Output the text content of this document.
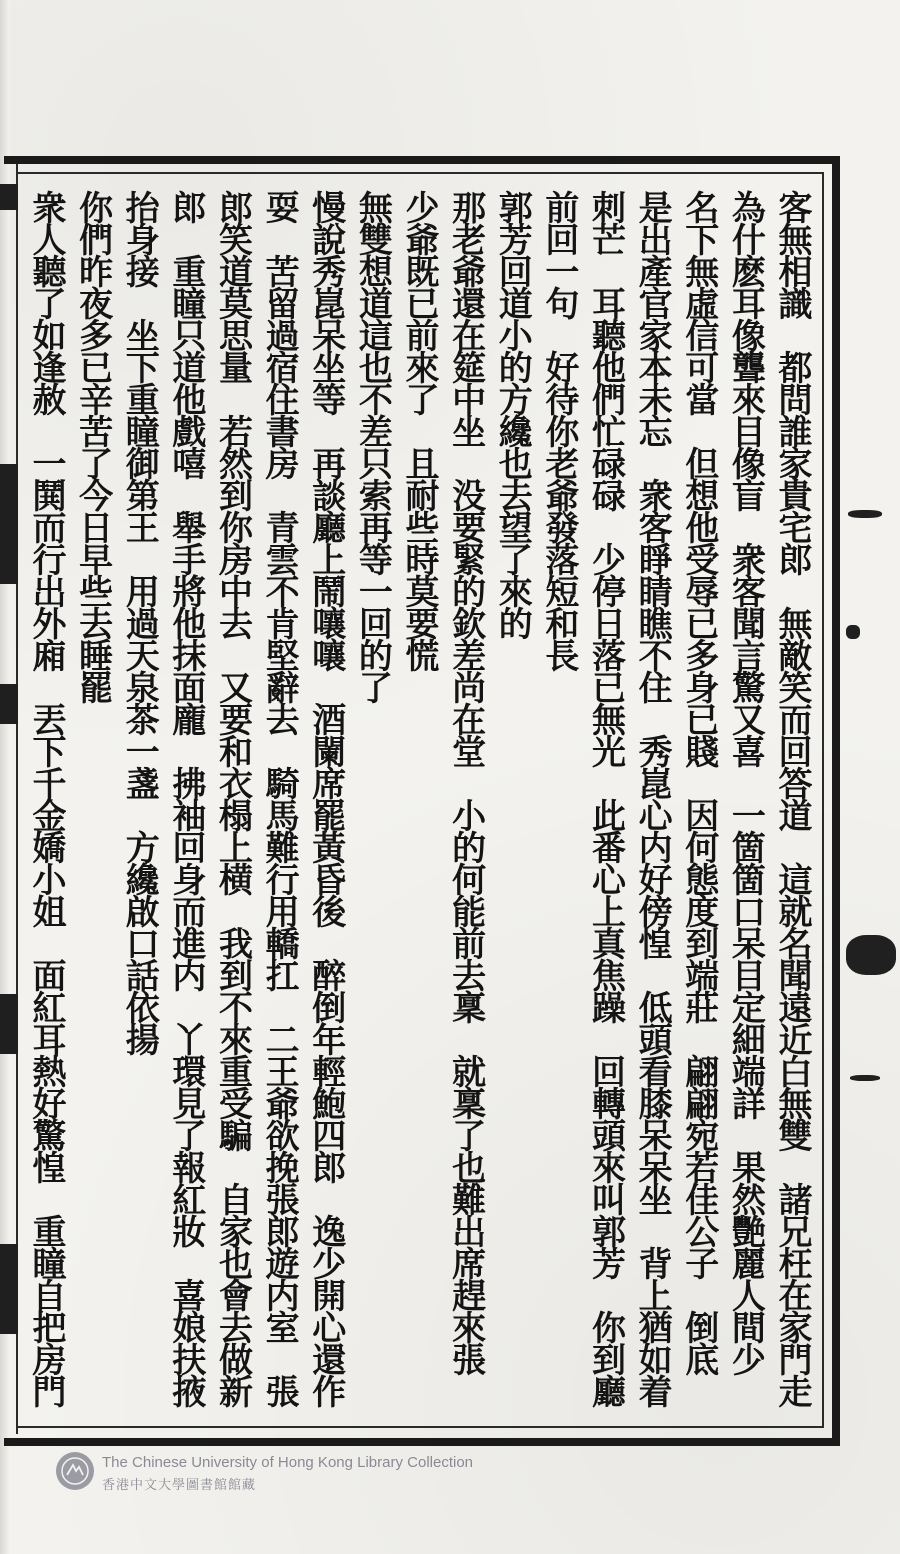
客無相識　都問誰家貴宅郎　無敵笑而回答道　這就名聞遠近白無雙　諸兄枉在家門走
為什麽耳像聾來目像盲　衆客聞言驚又喜　一箇箇口呆目定細端詳　果然艷麗人間少
名下無虛信可當　但想他受辱已多身已賤　因何態度到端莊　翩翩宛若佳公子　倒底
是出產官家本未忘　衆客睜睛瞧不住　秀崑心内好傍惶　低頭看膝呆呆坐　背上猶如着
刺芒　耳聽他們忙碌碌　少停日落已無光　此番心上真焦躁　回轉頭來叫郭芳　你到廳
前回一句　好待你老爺發落短和長
郭芳回道小的方纔也去望了來的
那老爺還在筵中坐　没要緊的欽差尚在堂　小的何能前去稟　就稟了也難出席趕來張
少爺既已前來了　且耐些時莫要慌
無雙想道這也不差只索再等一回的了
慢說秀崑呆坐等　再談廳上鬧嚷嚷　酒闌席罷黃昏後　醉倒年輕鮑四郎　逸少開心還作
耍　苦留過宿住書房　青雲不肯堅辭去　騎馬難行用轎扛　二王爺欲挽張郎遊内室　張
郎笑道莫思量　若然到你房中去　又要和衣榻上横　我到不來重受騙　自家也會去做新
郎　重瞳只道他戲嘻　舉手將他抹面龐　拂袖回身而進内　丫環見了報紅妝　喜娘扶掖
抬身接　坐下重瞳御第王　用過天泉茶一盞　方纔啟口話依揚
你們昨夜多已辛苦了今日早些去睡罷
衆人聽了如逢赦　一鬨而行出外廂　丟下千金嬌小姐　面紅耳熱好驚惶　重瞳自把房門
The Chinese University of Hong Kong Library Collection
香港中文大學圖書館館藏
